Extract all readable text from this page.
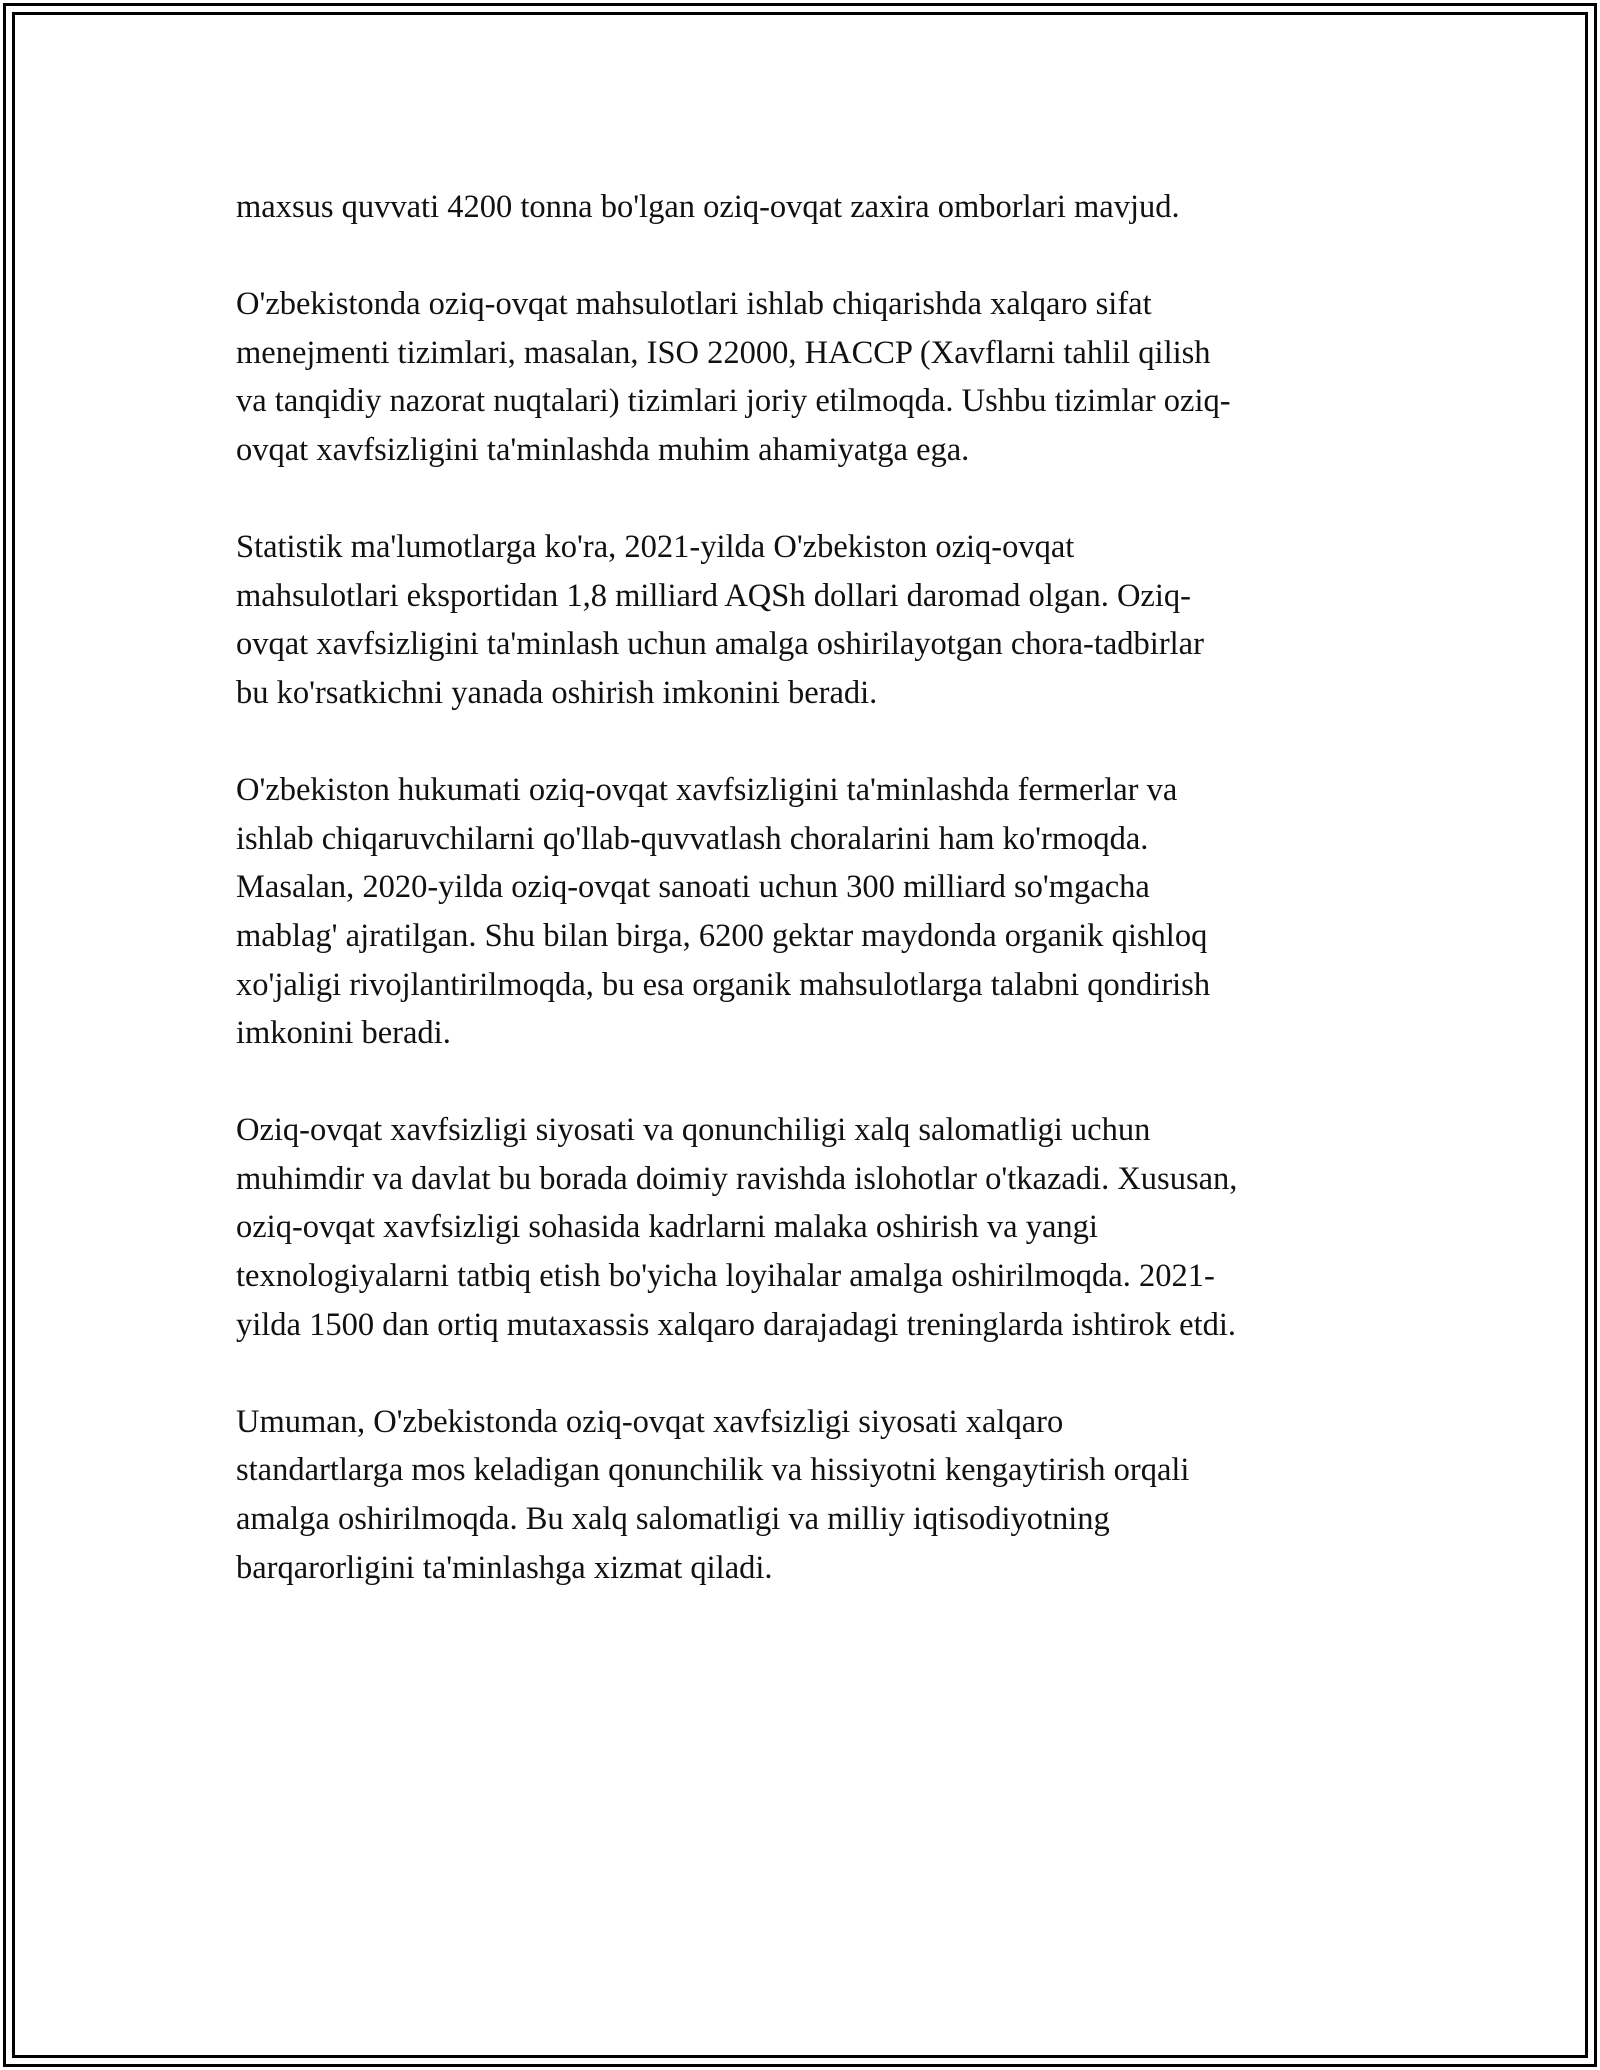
maxsus quvvati 4200 tonna bo'lgan oziq-ovqat zaxira omborlari mavjud.

O'zbekistonda oziq-ovqat mahsulotlari ishlab chiqarishda xalqaro sifat
menejmenti tizimlari, masalan, ISO 22000, HACCP (Xavflarni tahlil qilish
va tanqidiy nazorat nuqtalari) tizimlari joriy etilmoqda. Ushbu tizimlar oziq-
ovqat xavfsizligini ta'minlashda muhim ahamiyatga ega.

Statistik ma'lumotlarga ko'ra, 2021-yilda O'zbekiston oziq-ovqat
mahsulotlari eksportidan 1,8 milliard AQSh dollari daromad olgan. Oziq-
ovqat xavfsizligini ta'minlash uchun amalga oshirilayotgan chora-tadbirlar
bu ko'rsatkichni yanada oshirish imkonini beradi.

O'zbekiston hukumati oziq-ovqat xavfsizligini ta'minlashda fermerlar va
ishlab chiqaruvchilarni qo'llab-quvvatlash choralarini ham ko'rmoqda.
Masalan, 2020-yilda oziq-ovqat sanoati uchun 300 milliard so'mgacha
mablag' ajratilgan. Shu bilan birga, 6200 gektar maydonda organik qishloq
xo'jaligi rivojlantirilmoqda, bu esa organik mahsulotlarga talabni qondirish
imkonini beradi.

Oziq-ovqat xavfsizligi siyosati va qonunchiligi xalq salomatligi uchun
muhimdir va davlat bu borada doimiy ravishda islohotlar o'tkazadi. Xususan,
oziq-ovqat xavfsizligi sohasida kadrlarni malaka oshirish va yangi
texnologiyalarni tatbiq etish bo'yicha loyihalar amalga oshirilmoqda. 2021-
yilda 1500 dan ortiq mutaxassis xalqaro darajadagi treninglarda ishtirok etdi.

Umuman, O'zbekistonda oziq-ovqat xavfsizligi siyosati xalqaro
standartlarga mos keladigan qonunchilik va hissiyotni kengaytirish orqali
amalga oshirilmoqda. Bu xalq salomatligi va milliy iqtisodiyotning
barqarorligini ta'minlashga xizmat qiladi.
